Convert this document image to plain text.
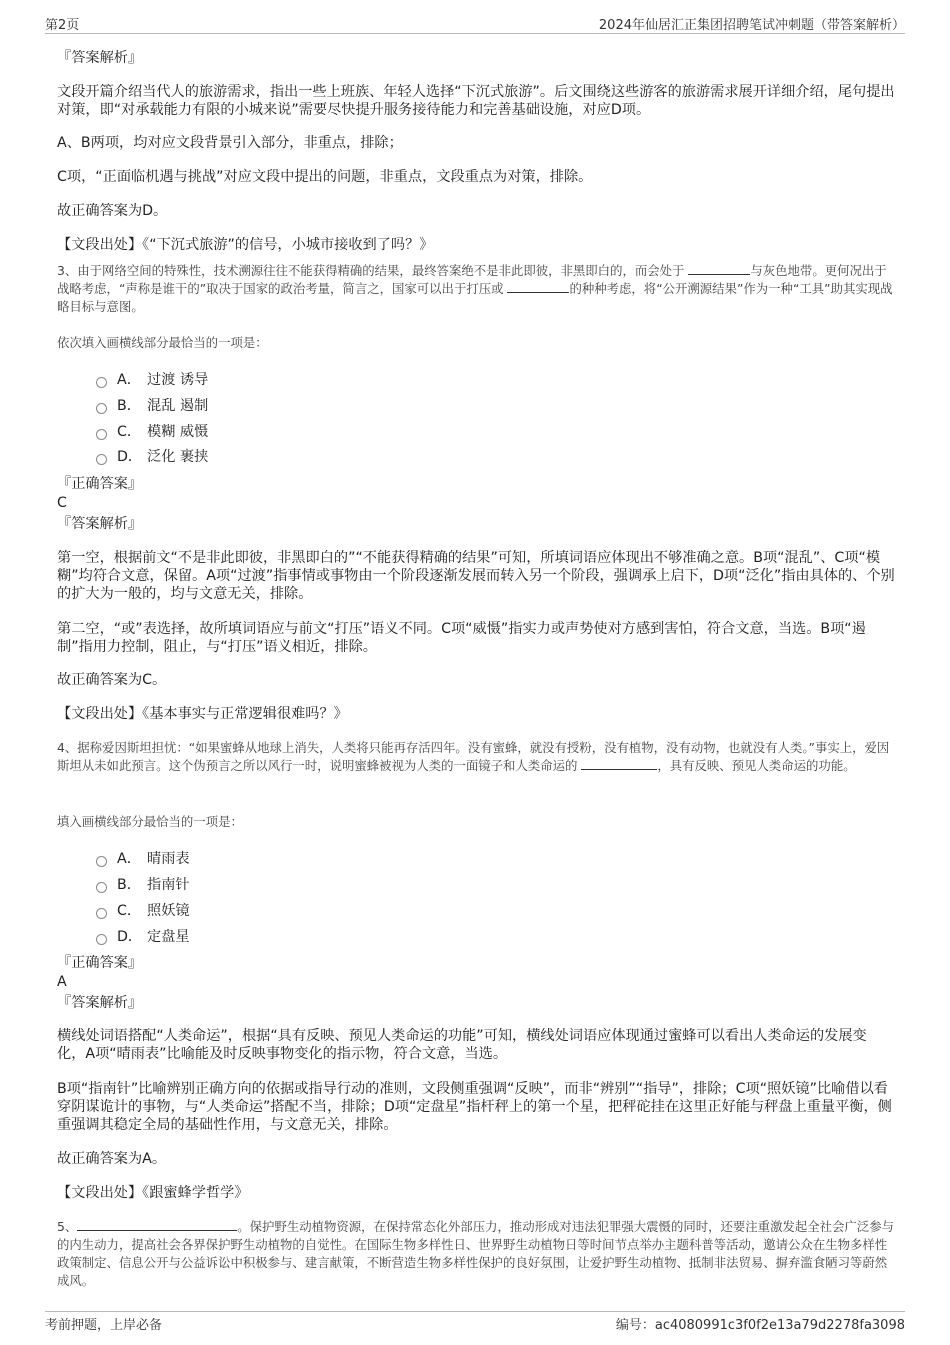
第2页	2024年仙居汇正集团招聘笔试冲刺题（带答案解析）
『答案解析』
文段开篇介绍当代人的旅游需求，指出一些上班族、年轻人选择“下沉式旅游”。后文围绕这些游客的旅游需求展开详细介绍，尾句提出对策，即“对承载能力有限的小城来说”需要尽快提升服务接待能力和完善基础设施，对应D项。
A、B两项，均对应文段背景引入部分，非重点，排除；
C项，“正面临机遇与挑战”对应文段中提出的问题，非重点，文段重点为对策，排除。
故正确答案为D。
【文段出处】《“下沉式旅游”的信号，小城市接收到了吗？》
3、由于网络空间的特殊性，技术溯源往往不能获得精确的结果，最终答案绝不是非此即彼，非黑即白的，而会处于	与灰色地带。更何况出于战略考虑，“声称是谁干的”取决于国家的政治考量，简言之，国家可以出于打压或	的种种考虑，将“公开溯源结果”作为一种“工具”助其实现战略目标与意图。
依次填入画横线部分最恰当的一项是：
A． 过渡 诱导
B． 混乱 遏制
C． 模糊 威慑
D． 泛化 裹挟
『正确答案』
C
『答案解析』
第一空，根据前文“不是非此即彼，非黑即白的”“不能获得精确的结果”可知，所填词语应体现出不够准确之意。B项“混乱”、C项“模糊”均符合文意，保留。A项“过渡”指事情或事物由一个阶段逐渐发展而转入另一个阶段，强调承上启下，D项“泛化”指由具体的、个别的扩大为一般的，均与文意无关，排除。
第二空，“或”表选择，故所填词语应与前文“打压”语义不同。C项“威慑”指实力或声势使对方感到害怕，符合文意，当选。B项“遏制”指用力控制，阻止，与“打压”语义相近，排除。
故正确答案为C。
【文段出处】《基本事实与正常逻辑很难吗？》
4、据称爱因斯坦担忧：“如果蜜蜂从地球上消失，人类将只能再存活四年。没有蜜蜂，就没有授粉，没有植物，没有动物，也就没有人类。”事实上，爱因斯坦从未如此预言。这个伪预言之所以风行一时，说明蜜蜂被视为人类的一面镜子和人类命运的	，具有反映、预见人类命运的功能。
填入画横线部分最恰当的一项是：
A． 晴雨表
B． 指南针
C． 照妖镜
D． 定盘星
『正确答案』
A
『答案解析』
横线处词语搭配“人类命运”，根据“具有反映、预见人类命运的功能”可知，横线处词语应体现通过蜜蜂可以看出人类命运的发展变化，A项“晴雨表”比喻能及时反映事物变化的指示物，符合文意，当选。
B项“指南针”比喻辨别正确方向的依据或指导行动的准则，文段侧重强调“反映”，而非“辨别”“指导”，排除；C项“照妖镜”比喻借以看穿阴谋诡计的事物，与“人类命运”搭配不当，排除；D项“定盘星”指杆秤上的第一个星，把秤砣挂在这里正好能与秤盘上重量平衡，侧重强调其稳定全局的基础性作用，与文意无关，排除。
故正确答案为A。
【文段出处】《跟蜜蜂学哲学》
5、	。保护野生动植物资源，在保持常态化外部压力，推动形成对违法犯罪强大震慑的同时，还要注重激发起全社会广泛参与的内生动力，提高社会各界保护野生动植物的自觉性。在国际生物多样性日、世界野生动植物日等时间节点举办主题科普等活动，邀请公众在生物多样性政策制定、信息公开与公益诉讼中积极参与、建言献策，不断营造生物多样性保护的良好氛围，让爱护野生动植物、抵制非法贸易、摒弃滥食陋习等蔚然成风。
考前押题，上岸必备	编号：ac4080991c3f0f2e13a79d2278fa3098
